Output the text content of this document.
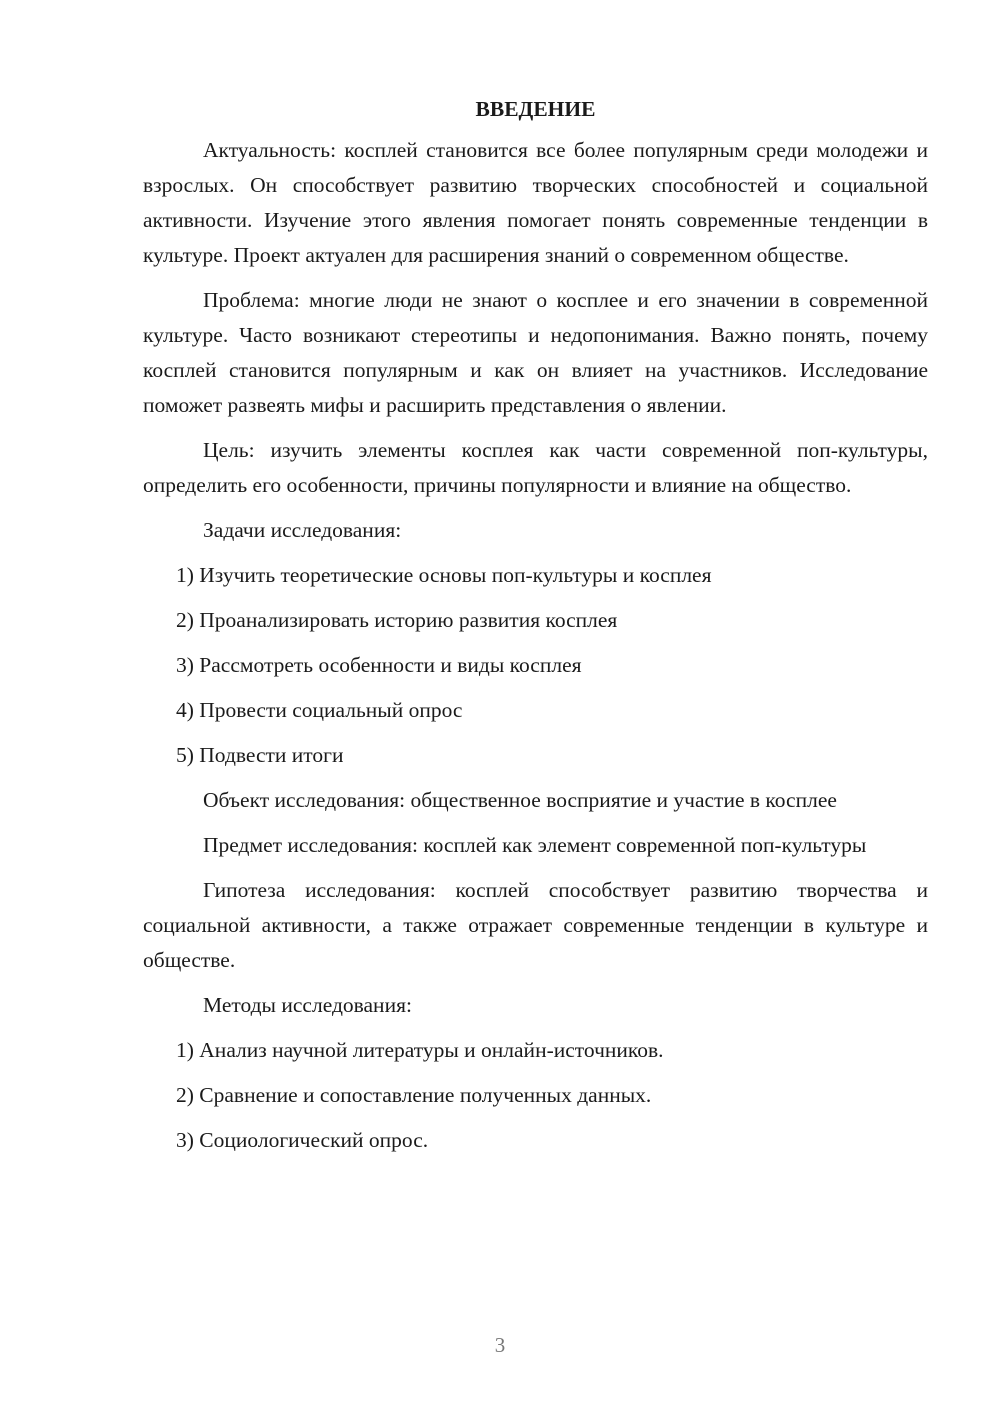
ВВЕДЕНИЕ

Актуальность: косплей становится все более популярным среди молодежи и взрослых. Он способствует развитию творческих способностей и социальной активности. Изучение этого явления помогает понять современные тенденции в культуре. Проект актуален для расширения знаний о современном обществе.

Проблема: многие люди не знают о косплее и его значении в современной культуре. Часто возникают стереотипы и недопонимания. Важно понять, почему косплей становится популярным и как он влияет на участников. Исследование поможет развеять мифы и расширить представления о явлении.

Цель: изучить элементы косплея как части современной поп-культуры, определить его особенности, причины популярности и влияние на общество.

Задачи исследования:

1) Изучить теоретические основы поп-культуры и косплея

2) Проанализировать историю развития косплея

3) Рассмотреть особенности и виды косплея

4) Провести социальный опрос

5) Подвести итоги

Объект исследования: общественное восприятие и участие в косплее

Предмет исследования: косплей как элемент современной поп-культуры

Гипотеза исследования: косплей способствует развитию творчества и социальной активности, а также отражает современные тенденции в культуре и обществе.

Методы исследования:

1) Анализ научной литературы и онлайн-источников.

2) Сравнение и сопоставление полученных данных.

3) Социологический опрос.

3
